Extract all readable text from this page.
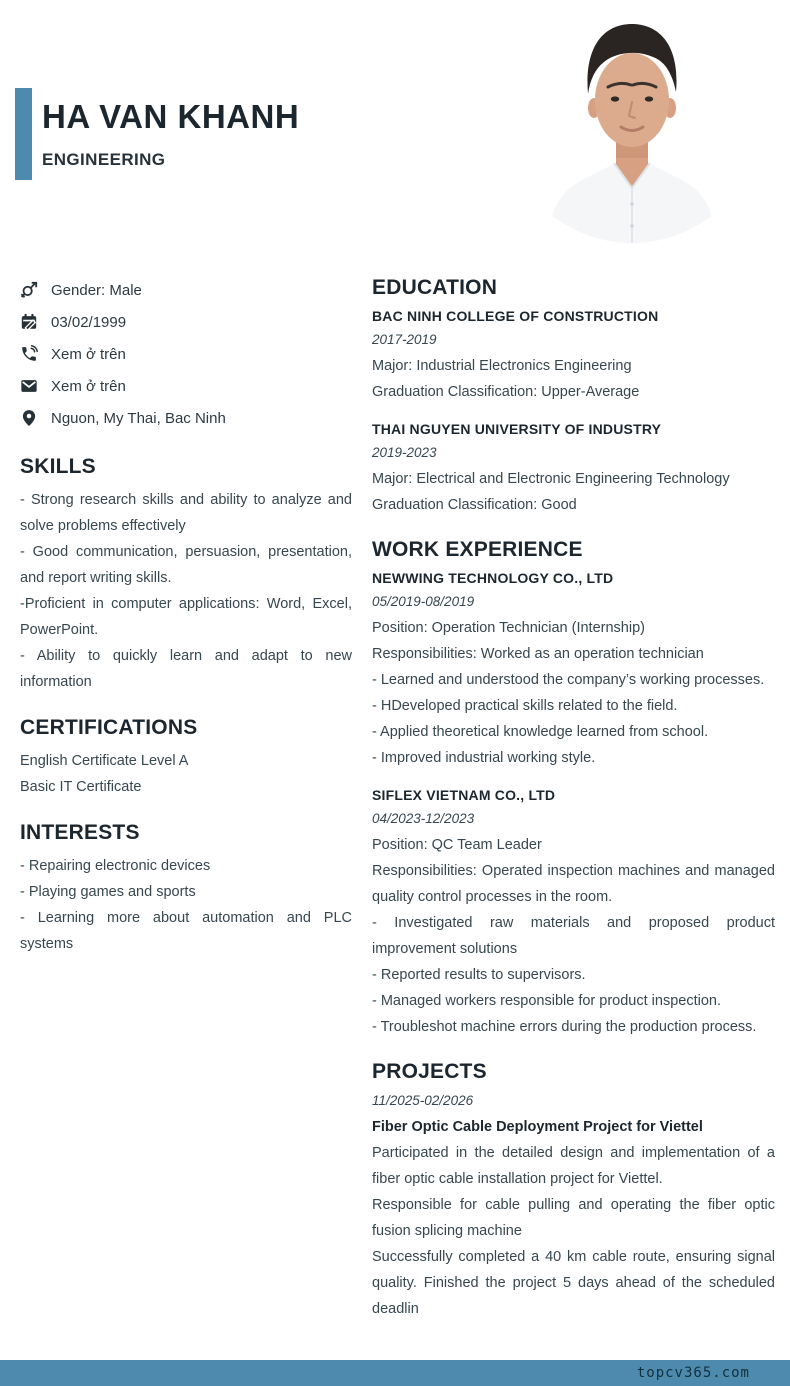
HA VAN KHANH
ENGINEERING
Gender: Male
03/02/1999
Xem ở trên
Xem ở trên
Nguon, My Thai, Bac Ninh
SKILLS

- Strong research skills and ability to analyze and solve problems effectively

- Good communication, persuasion, presentation, and report writing skills.

-Proficient in computer applications: Word, Excel, PowerPoint.

- Ability to quickly learn and adapt to new information

CERTIFICATIONS

English Certificate Level A

Basic IT Certificate

INTERESTS

- Repairing electronic devices

- Playing games and sports

- Learning more about automation and PLC systems

EDUCATION

BAC NINH COLLEGE OF CONSTRUCTION

2017-2019

Major: Industrial Electronics Engineering

Graduation Classification: Upper-Average

THAI NGUYEN UNIVERSITY OF INDUSTRY

2019-2023

Major: Electrical and Electronic Engineering Technology

Graduation Classification: Good

WORK EXPERIENCE

NEWWING TECHNOLOGY CO., LTD

05/2019-08/2019

Position: Operation Technician (Internship)

Responsibilities: Worked as an operation technician

- Learned and understood the company’s working processes.

- HDeveloped practical skills related to the field.

- Applied theoretical knowledge learned from school.

- Improved industrial working style.

SIFLEX VIETNAM CO., LTD

04/2023-12/2023

Position: QC Team Leader

Responsibilities: Operated inspection machines and managed quality control processes in the room.

- Investigated raw materials and proposed product improvement solutions

- Reported results to supervisors.

- Managed workers responsible for product inspection.

- Troubleshot machine errors during the production process.

PROJECTS

11/2025-02/2026

Fiber Optic Cable Deployment Project for Viettel

Participated in the detailed design and implementation of a fiber optic cable installation project for Viettel.

Responsible for cable pulling and operating the fiber optic fusion splicing machine

Successfully completed a 40 km cable route, ensuring signal quality. Finished the project 5 days ahead of the scheduled deadlin

topcv365.com
